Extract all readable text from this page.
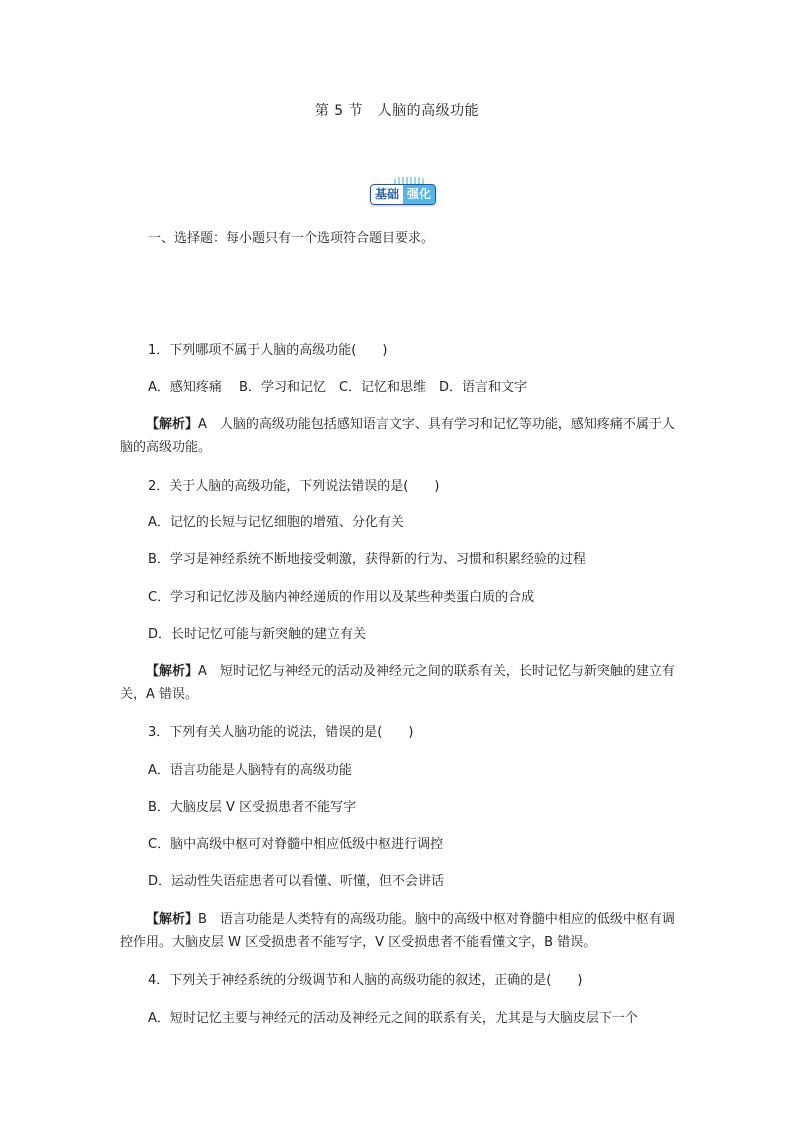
第 5 节　人脑的高级功能
基础 强化
一、选择题：每小题只有一个选项符合题目要求。
1．下列哪项不属于人脑的高级功能(　　)
A．感知疼痛　 B．学习和记忆　C．记忆和思维　D．语言和文字
【解析】A　人脑的高级功能包括感知语言文字、具有学习和记忆等功能，感知疼痛不属于人脑的高级功能。
2．关于人脑的高级功能，下列说法错误的是(　　)
A．记忆的长短与记忆细胞的增殖、分化有关
B．学习是神经系统不断地接受刺激，获得新的行为、习惯和积累经验的过程
C．学习和记忆涉及脑内神经递质的作用以及某些种类蛋白质的合成
D．长时记忆可能与新突触的建立有关
【解析】A　短时记忆与神经元的活动及神经元之间的联系有关，长时记忆与新突触的建立有关，A 错误。
3．下列有关人脑功能的说法，错误的是(　　)
A．语言功能是人脑特有的高级功能
B．大脑皮层 V 区受损患者不能写字
C．脑中高级中枢可对脊髓中相应低级中枢进行调控
D．运动性失语症患者可以看懂、听懂，但不会讲话
【解析】B　语言功能是人类特有的高级功能。脑中的高级中枢对脊髓中相应的低级中枢有调控作用。大脑皮层 W 区受损患者不能写字，V 区受损患者不能看懂文字，B 错误。
4．下列关于神经系统的分级调节和人脑的高级功能的叙述，正确的是(　　)
A．短时记忆主要与神经元的活动及神经元之间的联系有关，尤其是与大脑皮层下一个
